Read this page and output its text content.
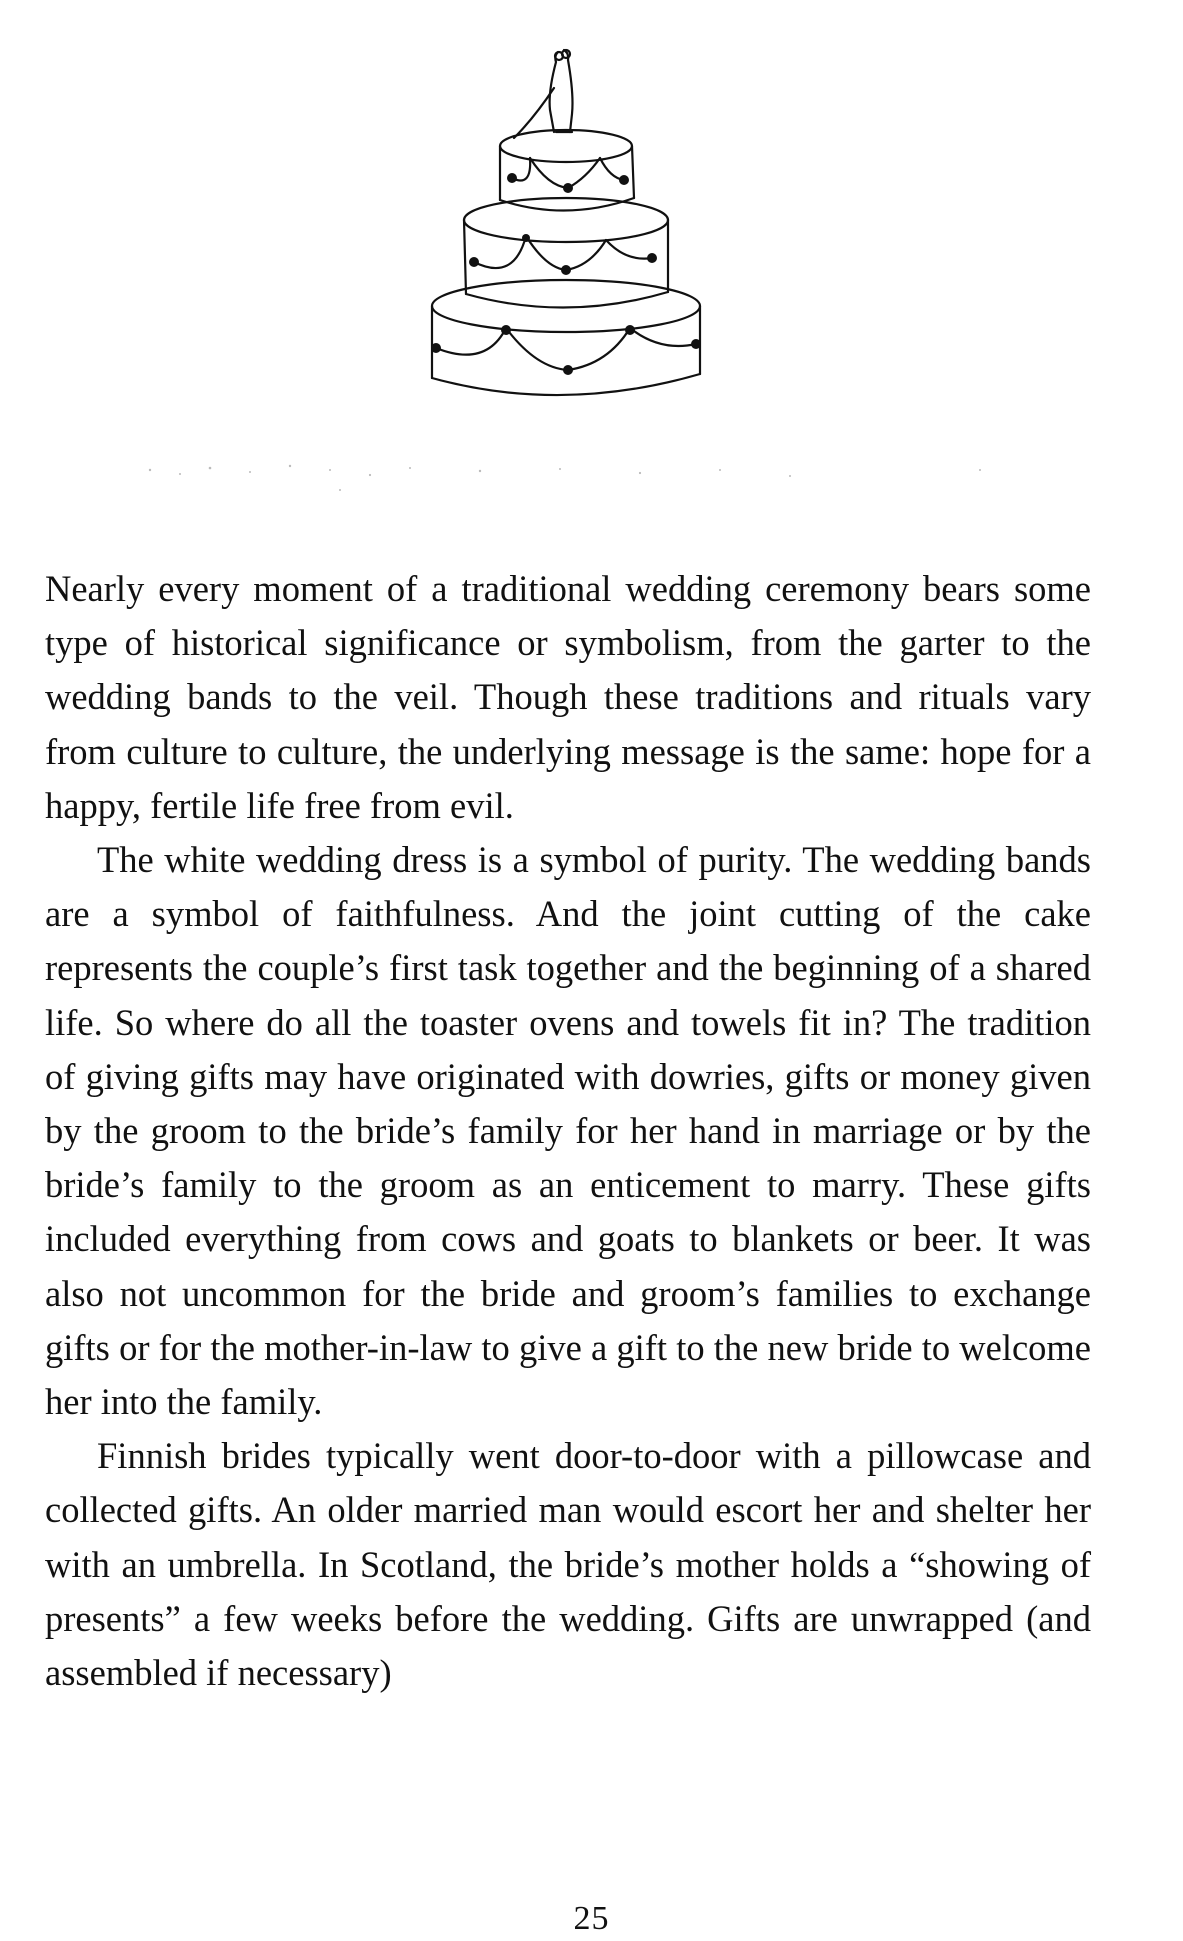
Nearly every moment of a traditional wedding ceremony bears some type of historical significance or symbolism, from the garter to the wedding bands to the veil. Though these traditions and rituals vary from culture to culture, the underlying message is the same: hope for a happy, fertile life free from evil.

The white wedding dress is a symbol of purity. The wedding bands are a symbol of faithfulness. And the joint cutting of the cake represents the couple’s first task together and the beginning of a shared life. So where do all the toaster ovens and towels fit in? The tradition of giving gifts may have originated with dowries, gifts or money given by the groom to the bride’s family for her hand in marriage or by the bride’s family to the groom as an enticement to marry. These gifts included everything from cows and goats to blankets or beer. It was also not uncommon for the bride and groom’s families to exchange gifts or for the mother-in-law to give a gift to the new bride to welcome her into the family.

Finnish brides typically went door-to-door with a pillowcase and collected gifts. An older married man would escort her and shelter her with an umbrella. In Scotland, the bride’s mother holds a “showing of presents” a few weeks before the wedding. Gifts are unwrapped (and assembled if necessary)

25
